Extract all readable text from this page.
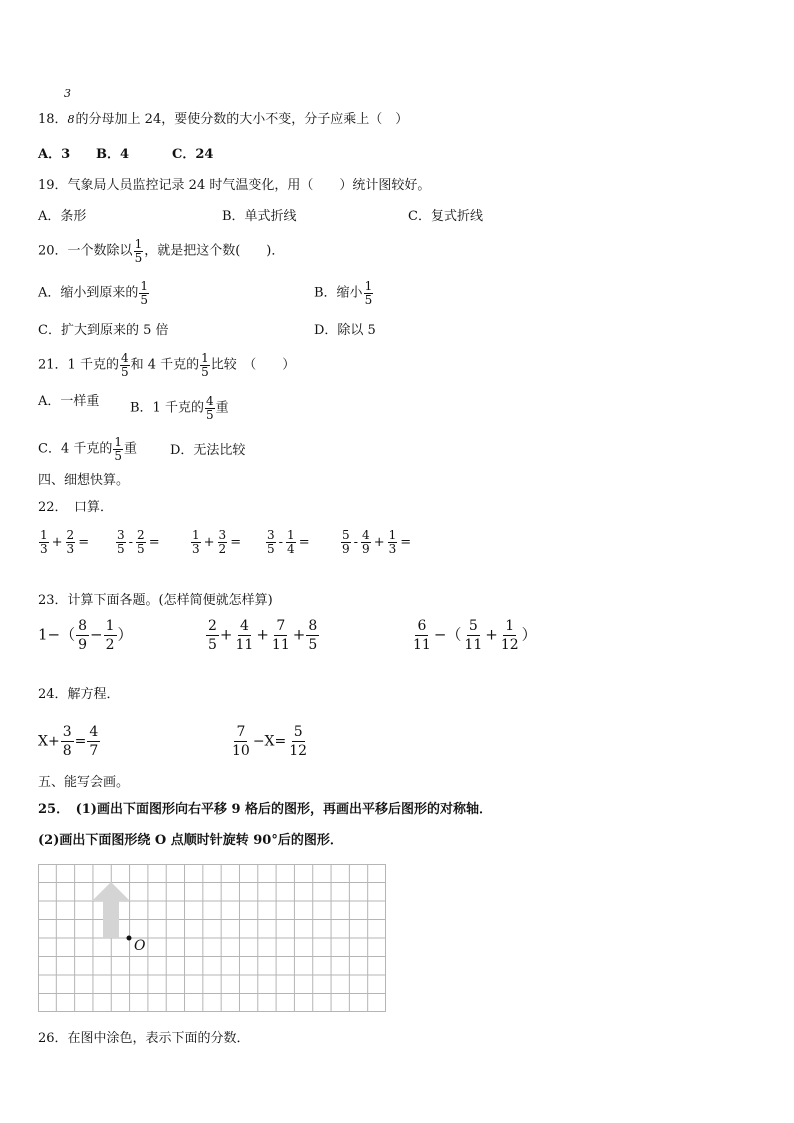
3
18．8的分母加上 24，要使分数的大小不变，分子应乘上（　）
A．3 B．4	C．24
19．气象局人员监控记录 24 时气温变化，用（　　）统计图较好。
A．条形	B．单式折线	C．复式折线
20．一个数除以 $\frac{1}{5}$ ，就是把这个数(　　)．
A．缩小到原来的 $\frac{1}{5}$	B．缩小 $\frac{1}{5}$
C．扩大到原来的 5 倍	D．除以 5
21．1 千克的 $\frac{4}{5}$ 和 4 千克的 $\frac{1}{5}$ 比较　（　　）
A．一样重 B．1 千克的 $\frac{4}{5}$ 重
C．4 千克的 $\frac{1}{5}$ 重	D．无法比较
四、细想快算。
22．　口算．
$\frac{1}{3} + \frac{2}{3} = \frac{3}{5} - \frac{2}{5}$ =	$\frac{1}{3} + \frac{3}{2} = \frac{3}{5} - \frac{1}{4}$ =	$\frac{5}{9} - \frac{4}{9} + \frac{1}{3}$ =
23．计算下面各题。(怎样简便就怎样算)
$1-( \frac{8}{9} - \frac{1}{2}$ ）	$\frac{2}{5} + \frac{4}{11} + \frac{7}{11} + \frac{8}{5}$	$\frac{6}{11}$ −（ $\frac{5}{11} + \frac{1}{12}$ ）
24．解方程．
$X+ \frac{3}{8} = \frac{4}{7}$	$\frac{7}{10} -X= \frac{5}{12}$
五、能写会画。
25．　(1)画出下面图形向右平移 9 格后的图形，再画出平移后图形的对称轴．
(2)画出下面图形绕 O 点顺时针旋转 90°后的图形．
O
26．在图中涂色，表示下面的分数．
